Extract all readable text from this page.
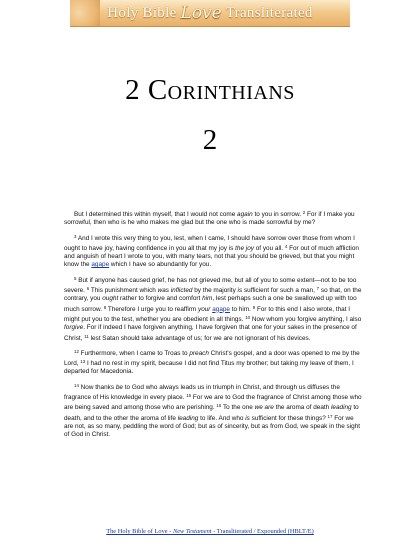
Holy Bible Love Transliterated
2 Corinthians
2

But I determined this within myself, that I would not come again to you in sorrow. $^2$ For if I make you sorrowful, then who is he who makes me glad but the one who is made sorrowful by me?

$^3$ And I wrote this very thing to you, lest, when I came, I should have sorrow over those from whom I ought to have joy, having confidence in you all that my joy is the joy of you all. $^4$ For out of much affliction and anguish of heart I wrote to you, with many tears, not that you should be grieved, but that you might know the agape which I have so abundantly for you.

$^5$ But if anyone has caused grief, he has not grieved me, but all of you to some extent—not to be too severe. $^6$ This punishment which was inflicted by the majority is sufficient for such a man, $^7$ so that, on the contrary, you ought rather to forgive and comfort him, lest perhaps such a one be swallowed up with too much sorrow. $^8$ Therefore I urge you to reaffirm your agape to him. $^9$ For to this end I also wrote, that I might put you to the test, whether you are obedient in all things. $^{10}$ Now whom you forgive anything, I also forgive. For if indeed I have forgiven anything, I have forgiven that one for your sakes in the presence of Christ, $^{11}$ lest Satan should take advantage of us; for we are not ignorant of his devices.

$^{12}$ Furthermore, when I came to Troas to preach Christ's gospel, and a door was opened to me by the Lord, $^{13}$ I had no rest in my spirit, because I did not find Titus my brother; but taking my leave of them, I departed for Macedonia.

$^{14}$ Now thanks be to God who always leads us in triumph in Christ, and through us diffuses the fragrance of His knowledge in every place. $^{15}$ For we are to God the fragrance of Christ among those who are being saved and among those who are perishing. $^{16}$ To the one we are the aroma of death leading to death, and to the other the aroma of life leading to life. And who is sufficient for these things? $^{17}$ For we are not, as so many, peddling the word of God; but as of sincerity, but as from God, we speak in the sight of God in Christ.

The Holy Bible of Love - New Testament - Transliterated / Expounded (HBLT/E)
